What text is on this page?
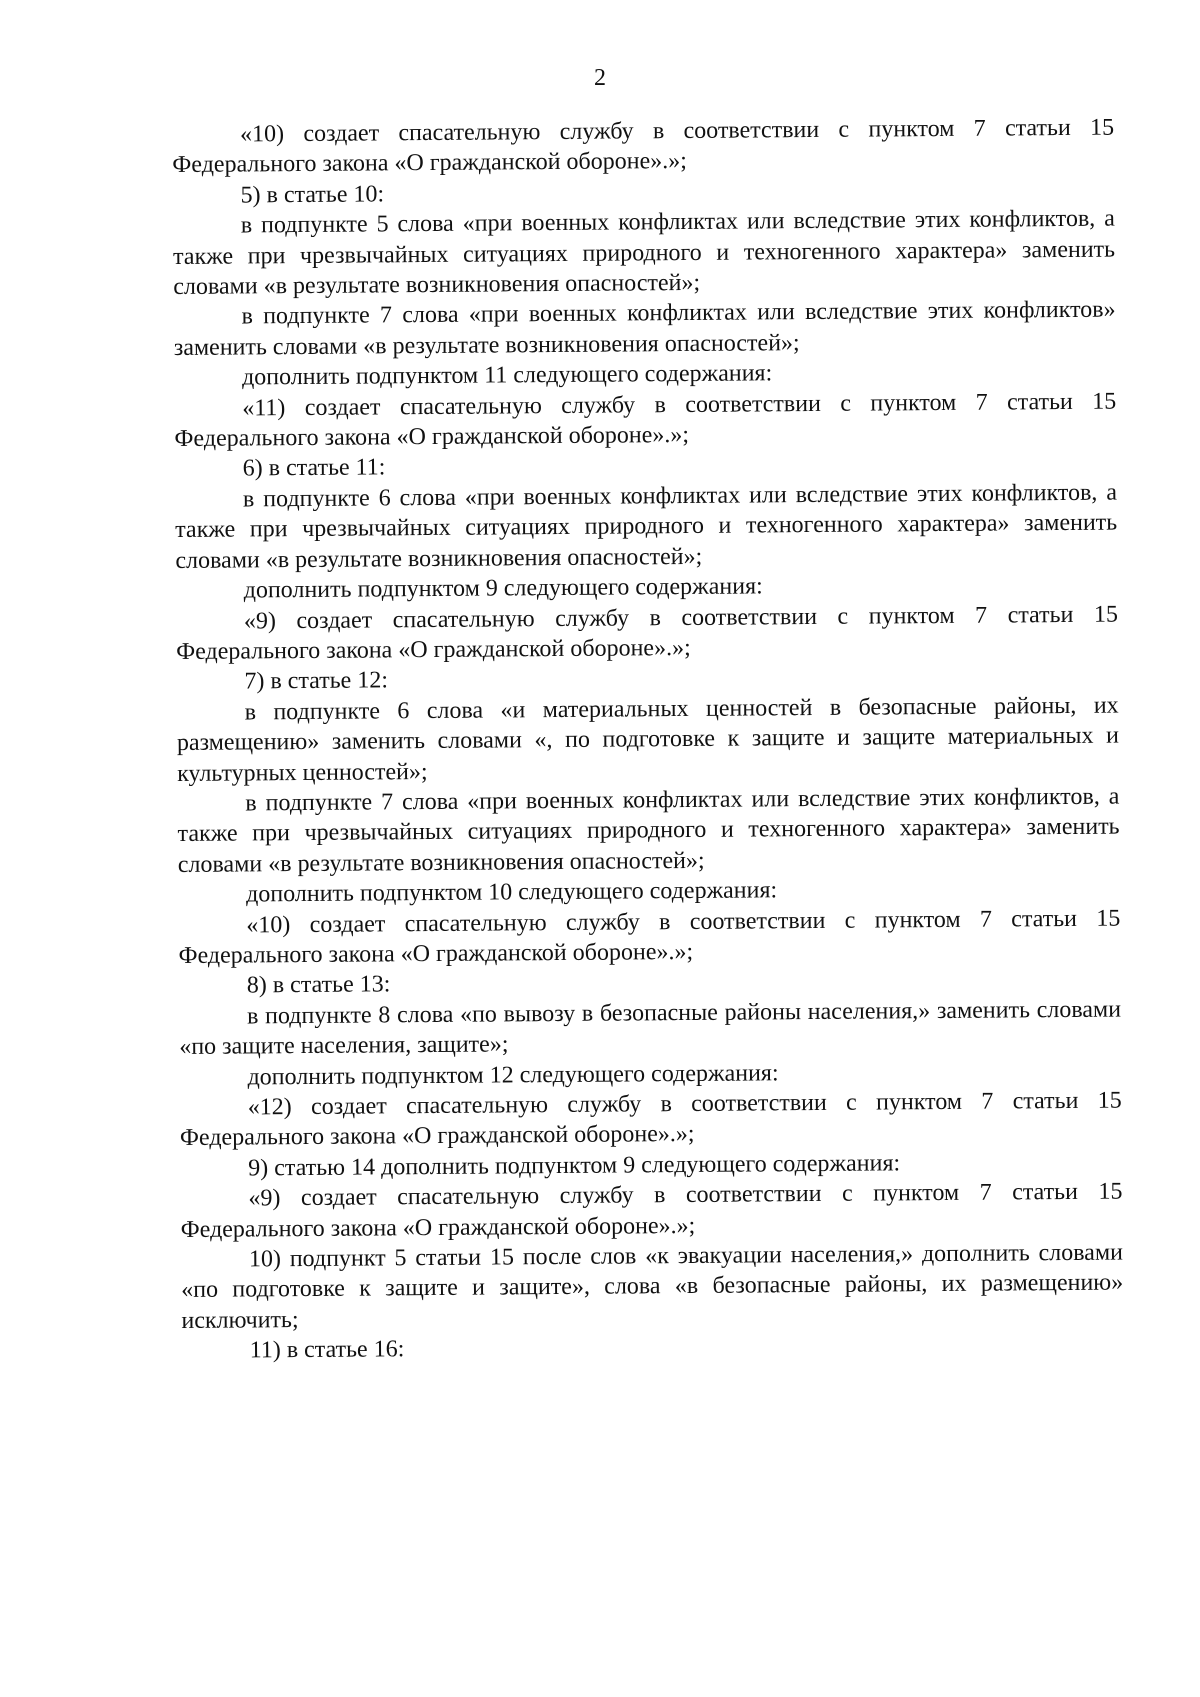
2

«10) создает спасательную службу в соответствии с пунктом 7 статьи 15 Федерального закона «О гражданской обороне».»;

5) в статье 10:

в подпункте 5 слова «при военных конфликтах или вследствие этих конфликтов, а также при чрезвычайных ситуациях природного и техногенного характера» заменить словами «в результате возникновения опасностей»;

в подпункте 7 слова «при военных конфликтах или вследствие этих конфликтов» заменить словами «в результате возникновения опасностей»;

дополнить подпунктом 11 следующего содержания:

«11) создает спасательную службу в соответствии с пунктом 7 статьи 15 Федерального закона «О гражданской обороне».»;

6) в статье 11:

в подпункте 6 слова «при военных конфликтах или вследствие этих конфликтов, а также при чрезвычайных ситуациях природного и техногенного характера» заменить словами «в результате возникновения опасностей»;

дополнить подпунктом 9 следующего содержания:

«9) создает спасательную службу в соответствии с пунктом 7 статьи 15 Федерального закона «О гражданской обороне».»;

7) в статье 12:

в подпункте 6 слова «и материальных ценностей в безопасные районы, их размещению» заменить словами «, по подготовке к защите и защите материальных и культурных ценностей»;

в подпункте 7 слова «при военных конфликтах или вследствие этих конфликтов, а также при чрезвычайных ситуациях природного и техногенного характера» заменить словами «в результате возникновения опасностей»;

дополнить подпунктом 10 следующего содержания:

«10) создает спасательную службу в соответствии с пунктом 7 статьи 15 Федерального закона «О гражданской обороне».»;

8) в статье 13:

в подпункте 8 слова «по вывозу в безопасные районы населения,» заменить словами «по защите населения, защите»;

дополнить подпунктом 12 следующего содержания:

«12) создает спасательную службу в соответствии с пунктом 7 статьи 15 Федерального закона «О гражданской обороне».»;

9) статью 14 дополнить подпунктом 9 следующего содержания:

«9) создает спасательную службу в соответствии с пунктом 7 статьи 15 Федерального закона «О гражданской обороне».»;

10) подпункт 5 статьи 15 после слов «к эвакуации населения,» дополнить словами «по подготовке к защите и защите», слова «в безопасные районы, их размещению» исключить;

11) в статье 16:
